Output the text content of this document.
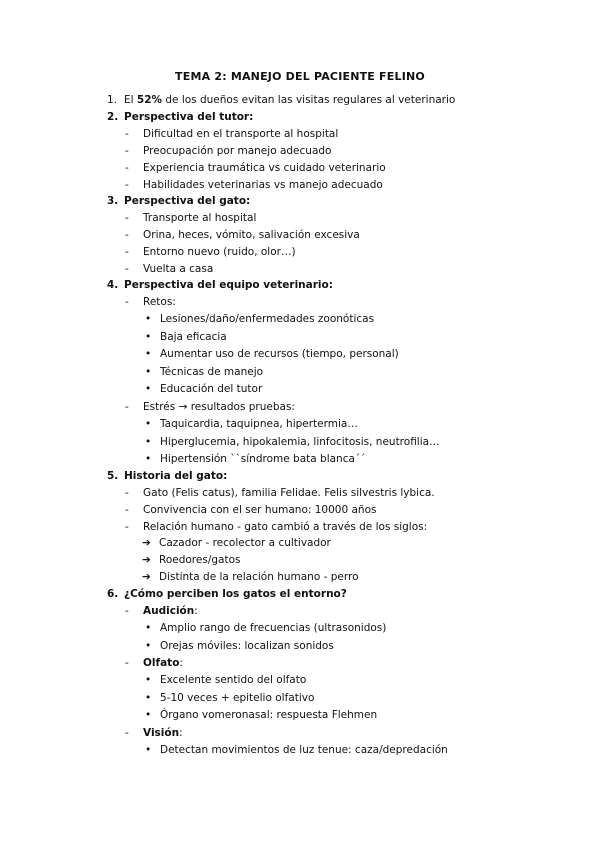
TEMA 2: MANEJO DEL PACIENTE FELINO
1. El 52% de los dueños evitan las visitas regulares al veterinario
2. Perspectiva del tutor:
- Dificultad en el transporte al hospital
- Preocupación por manejo adecuado
- Experiencia traumática vs cuidado veterinario
- Habilidades veterinarias vs manejo adecuado
3. Perspectiva del gato:
- Transporte al hospital
- Orina, heces, vómito, salivación excesiva
- Entorno nuevo (ruido, olor…)
- Vuelta a casa
4. Perspectiva del equipo veterinario:
- Retos:
• Lesiones/daño/enfermedades zoonóticas
• Baja eficacia
• Aumentar uso de recursos (tiempo, personal)
• Técnicas de manejo
• Educación del tutor
- Estrés → resultados pruebas:
• Taquicardia, taquipnea, hipertermia…
• Hiperglucemia, hipokalemia, linfocitosis, neutrofilia…
• Hipertensión ``síndrome bata blanca´´
5. Historia del gato:
- Gato (Felis catus), familia Felidae. Felis silvestris lybica.
- Convivencia con el ser humano: 10000 años
- Relación humano - gato cambió a través de los siglos:
➔ Cazador - recolector a cultivador
➔ Roedores/gatos
➔ Distinta de la relación humano - perro
6. ¿Cómo perciben los gatos el entorno?
- Audición:
• Amplio rango de frecuencias (ultrasonidos)
• Orejas móviles: localizan sonidos
- Olfato:
• Excelente sentido del olfato
• 5-10 veces + epitelio olfativo
• Órgano vomeronasal: respuesta Flehmen
- Visión:
• Detectan movimientos de luz tenue: caza/depredación
